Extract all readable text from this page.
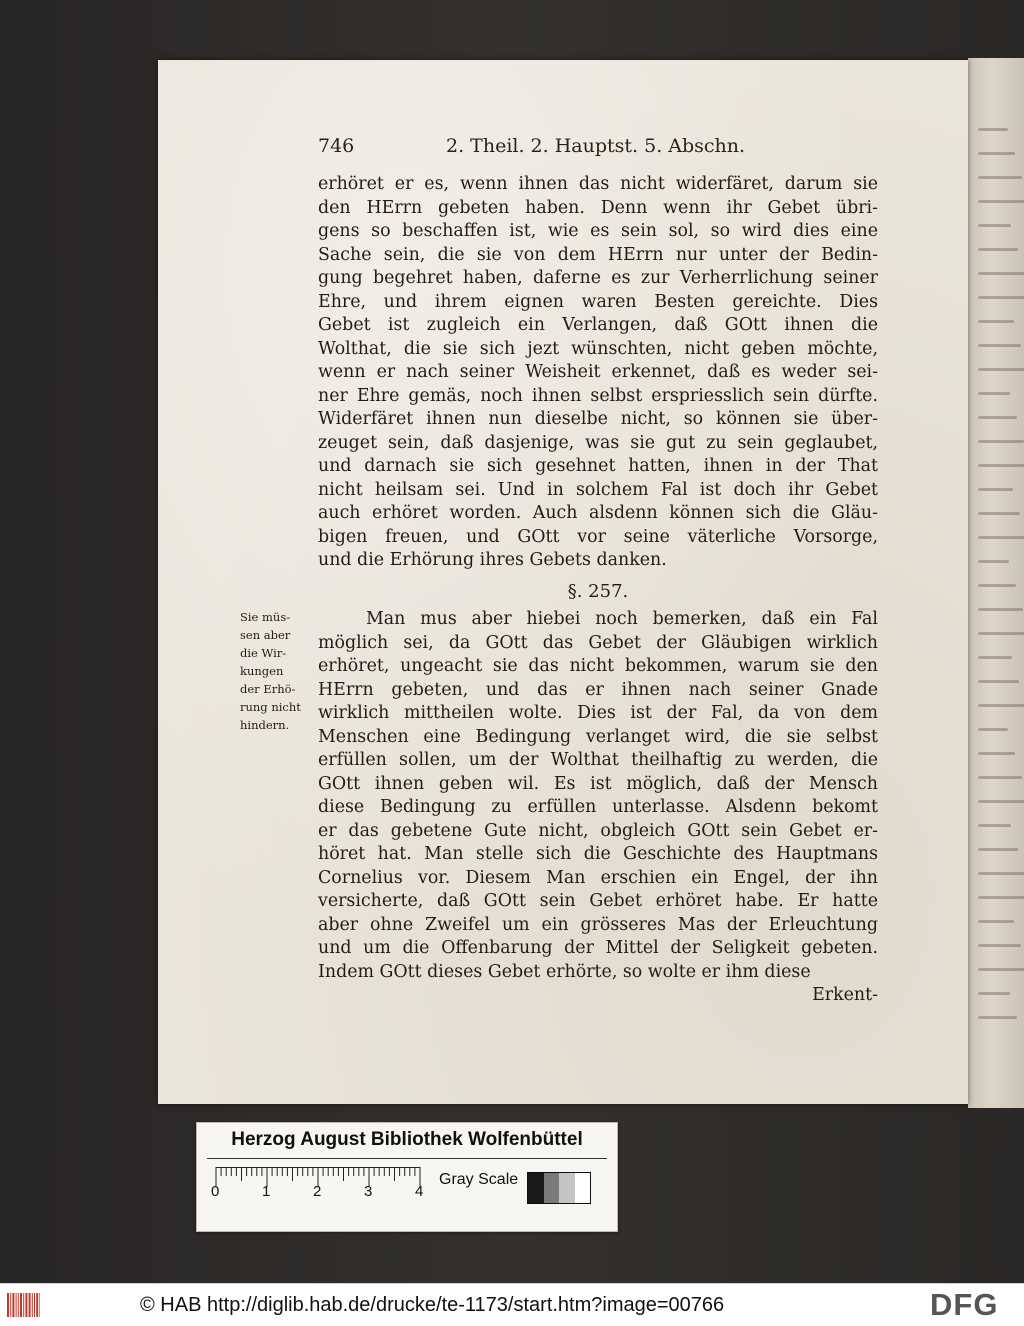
746	2. Theil. 2. Hauptst. 5. Abschn.

erhöret er es, wenn ihnen das nicht widerfäret, darum sie
den HErrn gebeten haben. Denn wenn ihr Gebet übri-
gens so beschaffen ist, wie es sein sol, so wird dies eine
Sache sein, die sie von dem HErrn nur unter der Bedin-
gung begehret haben, daferne es zur Verherrlichung seiner
Ehre, und ihrem eignen waren Besten gereichte. Dies
Gebet ist zugleich ein Verlangen, daß GOtt ihnen die
Wolthat, die sie sich jezt wünschten, nicht geben möchte,
wenn er nach seiner Weisheit erkennet, daß es weder sei-
ner Ehre gemäs, noch ihnen selbst erspriesslich sein dürfte.
Widerfäret ihnen nun dieselbe nicht, so können sie über-
zeuget sein, daß dasjenige, was sie gut zu sein geglaubet,
und darnach sie sich gesehnet hatten, ihnen in der That
nicht heilsam sei. Und in solchem Fal ist doch ihr Gebet
auch erhöret worden. Auch alsdenn können sich die Gläu-
bigen freuen, und GOtt vor seine väterliche Vorsorge,
und die Erhörung ihres Gebets danken.

§. 257.
Sie müs-
sen aber
die Wir-
kungen
der Erhö-
rung nicht
hindern.

Man mus aber hiebei noch bemerken, daß ein Fal
möglich sei, da GOtt das Gebet der Gläubigen wirklich
erhöret, ungeacht sie das nicht bekommen, warum sie den
HErrn gebeten, und das er ihnen nach seiner Gnade
wirklich mittheilen wolte. Dies ist der Fal, da von dem
Menschen eine Bedingung verlanget wird, die sie selbst
erfüllen sollen, um der Wolthat theilhaftig zu werden, die
GOtt ihnen geben wil. Es ist möglich, daß der Mensch
diese Bedingung zu erfüllen unterlasse. Alsdenn bekomt
er das gebetene Gute nicht, obgleich GOtt sein Gebet er-
höret hat. Man stelle sich die Geschichte des Hauptmans
Cornelius vor. Diesem Man erschien ein Engel, der ihn
versicherte, daß GOtt sein Gebet erhöret habe. Er hatte
aber ohne Zweifel um ein grösseres Mas der Erleuchtung
und um die Offenbarung der Mittel der Seligkeit gebeten.
Indem GOtt dieses Gebet erhörte, so wolte er ihm diese

Erkent-
Herzog August Bibliothek Wolfenbüttel
0	1	2	3	4
Gray Scale
© HAB http://diglib.hab.de/drucke/te-1173/start.htm?image=00766	DFG
